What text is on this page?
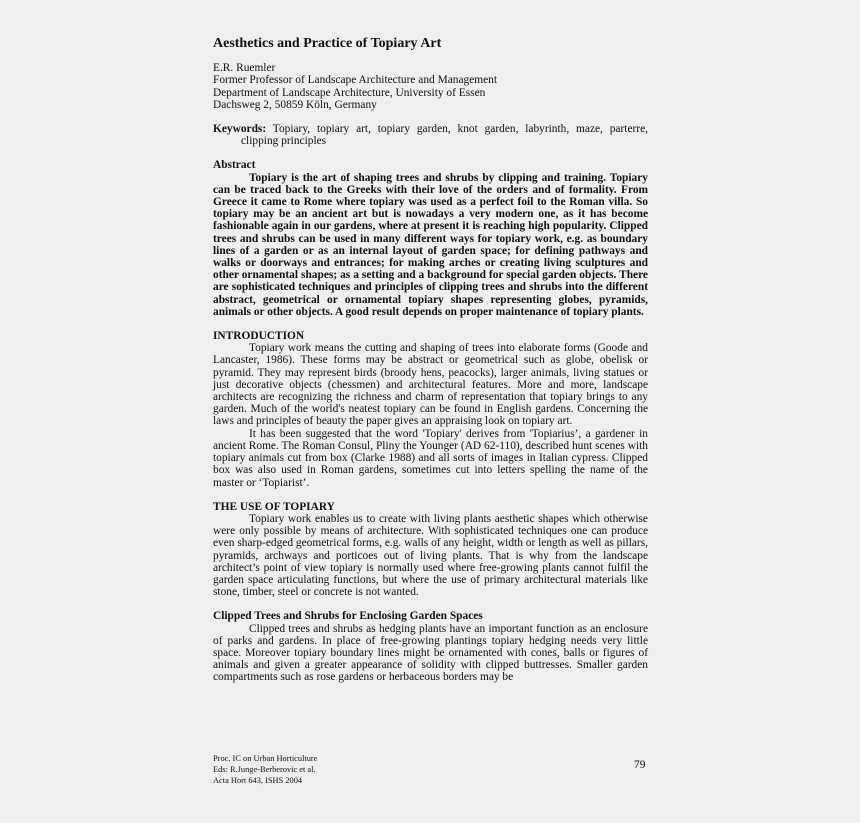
Aesthetics and Practice of Topiary Art
E.R. Ruemler
Former Professor of Landscape Architecture and Management
Department of Landscape Architecture, University of Essen
Dachsweg 2, 50859 Köln, Germany
Keywords: Topiary, topiary art, topiary garden, knot garden, labyrinth, maze, parterre, clipping principles
Abstract
Topiary is the art of shaping trees and shrubs by clipping and training. Topiary can be traced back to the Greeks with their love of the orders and of formality. From Greece it came to Rome where topiary was used as a perfect foil to the Roman villa. So topiary may be an ancient art but is nowadays a very modern one, as it has become fashionable again in our gardens, where at present it is reaching high popularity. Clipped trees and shrubs can be used in many different ways for topiary work, e.g. as boundary lines of a garden or as an internal layout of garden space; for defining pathways and walks or doorways and entrances; for making arches or creating living sculptures and other ornamental shapes; as a setting and a background for special garden objects. There are sophisticated techniques and principles of clipping trees and shrubs into the different abstract, geometrical or ornamental topiary shapes representing globes, pyramids, animals or other objects. A good result depends on proper maintenance of topiary plants.
INTRODUCTION
Topiary work means the cutting and shaping of trees into elaborate forms (Goode and Lancaster, 1986). These forms may be abstract or geometrical such as globe, obelisk or pyramid. They may represent birds (broody hens, peacocks), larger animals, living statues or just decorative objects (chessmen) and architectural features. More and more, landscape architects are recognizing the richness and charm of representation that topiary brings to any garden. Much of the world's neatest topiary can be found in English gardens. Concerning the laws and principles of beauty the paper gives an appraising look on topiary art.
It has been suggested that the word 'Topiary' derives from 'Topiarius’, a gardener in ancient Rome. The Roman Consul, Pliny the Younger (AD 62-110), described hunt scenes with topiary animals cut from box (Clarke 1988) and all sorts of images in Italian cypress. Clipped box was also used in Roman gardens, sometimes cut into letters spelling the name of the master or ‘Topiarist’.
THE USE OF TOPIARY
Topiary work enables us to create with living plants aesthetic shapes which otherwise were only possible by means of architecture. With sophisticated techniques one can produce even sharp-edged geometrical forms, e.g. walls of any height, width or length as well as pillars, pyramids, archways and porticoes out of living plants. That is why from the landscape architect’s point of view topiary is normally used where free-growing plants cannot fulfil the garden space articulating functions, but where the use of primary architectural materials like stone, timber, steel or concrete is not wanted.
Clipped Trees and Shrubs for Enclosing Garden Spaces
Clipped trees and shrubs as hedging plants have an important function as an enclosure of parks and gardens. In place of free-growing plantings topiary hedging needs very little space. Moreover topiary boundary lines might be ornamented with cones, balls or figures of animals and given a greater appearance of solidity with clipped buttresses. Smaller garden compartments such as rose gardens or herbaceous borders may be
Proc. IC on Urban Horticulture
Eds: R.Junge-Berberovic et al.
Acta Hort 643, ISHS 2004
79
